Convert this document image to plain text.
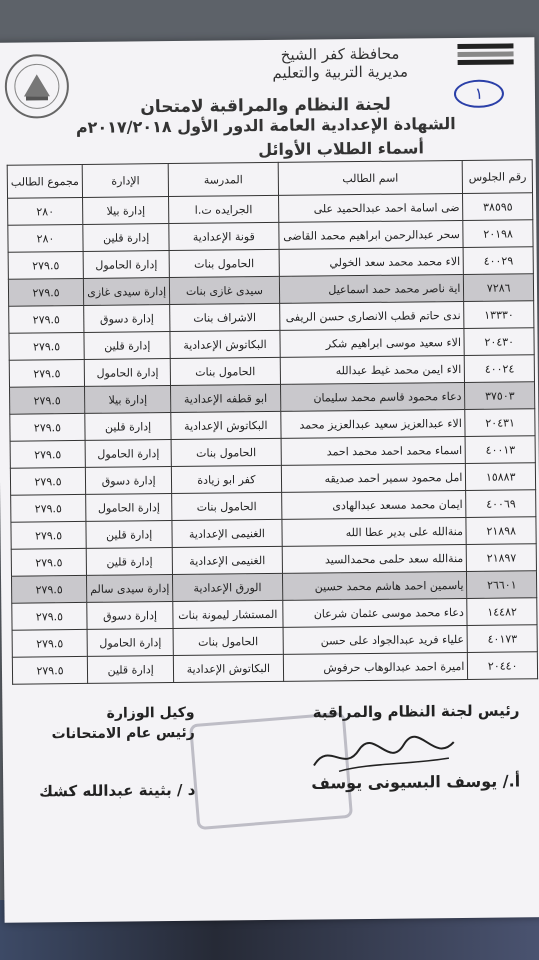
١
محافظة كفر الشيخ
مديرية التربية والتعليم
لجنة النظام والمراقبة لامتحان
الشهادة الإعدادية العامة الدور الأول ٢٠١٧/٢٠١٨م
أسماء الطلاب الأوائل
رقم الجلوس	اسم الطالب	المدرسة	الإدارة	مجموع الطالب
٣٨٥٩٥	ضى اسامة احمد عبدالحميد على	الجرايده ت.ا	إدارة بيلا	٢٨٠
٢٠١٩٨	سحر عبدالرحمن ابراهيم محمد القاضى	قونة الإعدادية	إدارة قلين	٢٨٠
٤٠٠٢٩	الاء محمد محمد سعد الخولي	الحامول بنات	إدارة الحامول	٢٧٩.٥
٧٢٨٦	اية ناصر محمد حمد اسماعيل	سيدى غازى بنات	إدارة سيدى غازى	٢٧٩.٥
١٣٣٣٠	ندى حاتم قطب الانصارى حسن الريفى	الاشراف بنات	إدارة دسوق	٢٧٩.٥
٢٠٤٣٠	الاء سعيد موسى ابراهيم شكر	البكاتوش الإعدادية	إدارة قلين	٢٧٩.٥
٤٠٠٢٤	الاء ايمن محمد غيط عبدالله	الحامول بنات	إدارة الحامول	٢٧٩.٥
٣٧٥٠٣	دعاء محمود قاسم محمد سليمان	ابو قطفه الإعدادية	إدارة بيلا	٢٧٩.٥
٢٠٤٣١	الاء عبدالعزيز سعيد عبدالعزيز محمد	البكاتوش الإعدادية	إدارة قلين	٢٧٩.٥
٤٠٠١٣	اسماء محمد احمد محمد احمد	الحامول بنات	إدارة الحامول	٢٧٩.٥
١٥٨٨٣	امل محمود سمير احمد صديقه	كفر ابو زيادة	إدارة دسوق	٢٧٩.٥
٤٠٠٦٩	ايمان محمد مسعد عبدالهادى	الحامول بنات	إدارة الحامول	٢٧٩.٥
٢١٨٩٨	منةالله على بدير عطا الله	الغنيمى الإعدادية	إدارة قلين	٢٧٩.٥
٢١٨٩٧	منةالله سعد حلمى محمدالسيد	الغنيمى الإعدادية	إدارة قلين	٢٧٩.٥
٢٦٦٠١	ياسمين احمد هاشم محمد حسين	الورق الإعدادية	إدارة سيدى سالم	٢٧٩.٥
١٤٤٨٢	دعاء محمد موسى عثمان شرعان	المستشار ليمونة بنات	إدارة دسوق	٢٧٩.٥
٤٠١٧٣	علياء فريد عبدالجواد على حسن	الحامول بنات	إدارة الحامول	٢٧٩.٥
٢٠٤٤٠	اميرة احمد عبدالوهاب حرفوش	البكاتوش الإعدادية	إدارة قلين	٢٧٩.٥
رئيس لجنة النظام والمراقبة
أ./ يوسف البسيونى يوسف
وكيل الوزارة
رئيس عام الامتحانات
د / بثينة عبدالله كشك
